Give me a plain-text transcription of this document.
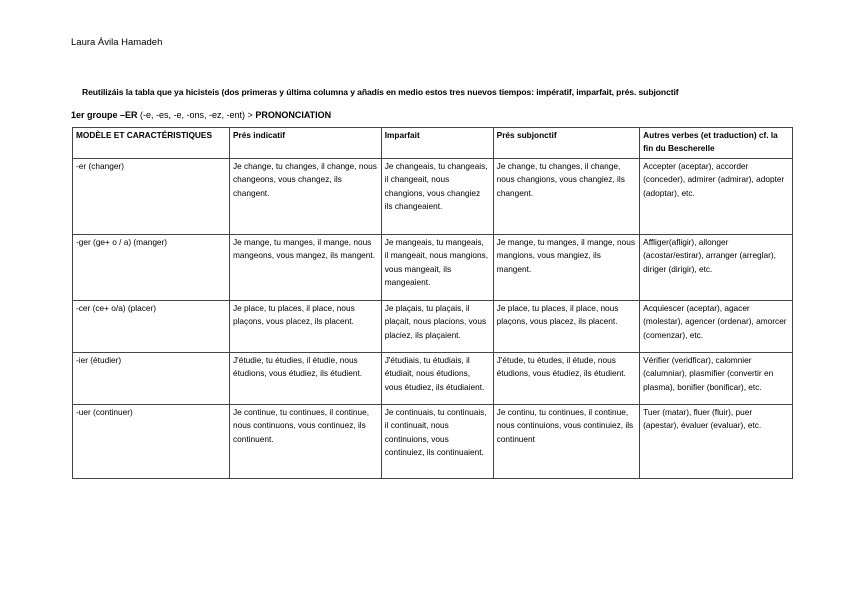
Laura Ávila Hamadeh
Reutilizáis la tabla que ya hicisteis (dos primeras y última columna y añadís en medio estos tres nuevos tiempos: impératif, imparfait, prés. subjonctif
1er groupe –ER (-e, -es, -e, -ons, -ez, -ent) > PRONONCIATION
MODÈLE ET CARACTÉRISTIQUES	Prés indicatif	Imparfait	Prés subjonctif	Autres verbes (et traduction) cf. la fin du Bescherelle
-er (changer)	Je change, tu changes, il change, nous changeons, vous changez, ils changent.	Je changeais, tu changeais, il changeait, nous changions, vous changiez ils changeaient.	Je change, tu changes, il change, nous changions, vous changiez, ils changent.	Accepter (aceptar), accorder (conceder), admirer (admirar), adopter (adoptar), etc.
-ger (ge+ o / a) (manger)	Je mange, tu manges, il mange, nous mangeons, vous mangez, ils mangent.	Je mangeais, tu mangeais, il mangeait, nous mangions, vous mangeait, ils mangeaient.	Je mange, tu manges, il mange, nous mangions, vous mangiez, ils mangent.	Affliger(afligir), allonger (acostar/estirar), arranger (arreglar), diriger (dirigir), etc.
-cer (ce+ o/a) (placer)	Je place, tu places, il place, nous plaçons, vous placez, ils placent.	Je plaçais, tu plaçais, il plaçait, nous placions, vous placiez, ils plaçaient.	Je place, tu places, il place, nous plaçons, vous placez, ils placent.	Acquiescer (aceptar), agacer (molestar), agencer (ordenar), amorcer (comenzar), etc.
-ier (étudier)	J'étudie, tu étudies, il étudie, nous étudions, vous étudiez, ils étudient.	J'étudiais, tu étudiais, il étudiait, nous étudions, vous étudiez, ils étudiaient.	J'étude, tu études, il étude, nous étudions, vous étudiez, ils étudient.	Vérifier (veridficar), calomnier (calumniar), plasmifier (convertir en plasma), bonifier (bonificar), etc.
-uer (continuer)	Je continue, tu continues, il continue, nous continuons, vous continuez, ils continuent.	Je continuais, tu continuais, il continuait, nous continuions, vous continuiez, ils continuaient.	Je continu, tu continues, il continue, nous continuions, vous continuiez, ils continuent	Tuer (matar), fluer (fluir), puer (apestar), évaluer (evaluar), etc.
